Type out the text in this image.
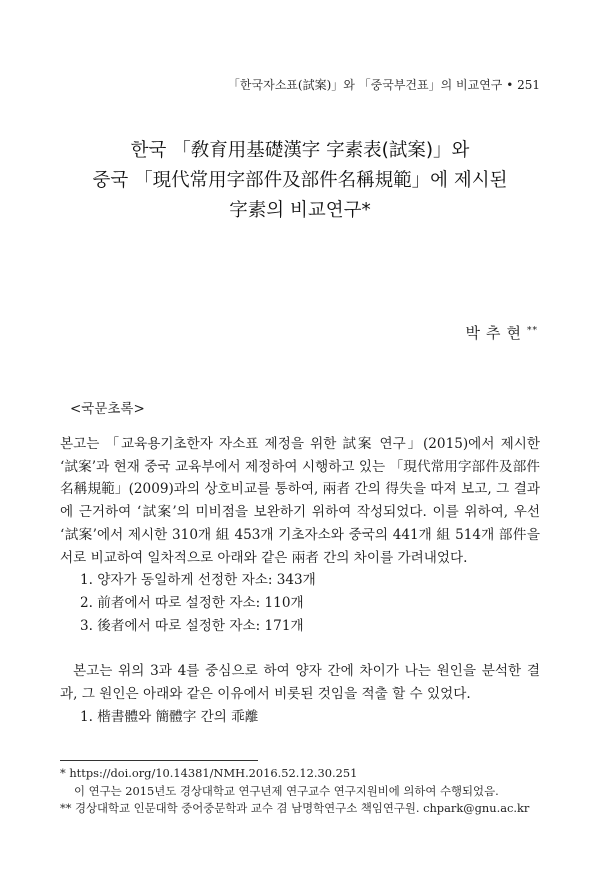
「한국자소표(試案)」와 「중국부건표」의 비교연구 • 251
한국 「敎育用基礎漢字 字素表(試案)」와
중국 「現代常用字部件及部件名稱規範」에 제시된
字素의 비교연구*
박추현**
<국문초록>

본고는 「교육용기초한자 자소표 제정을 위한 試案 연구」(2015)에서 제시한 ‘試案’과 현재 중국 교육부에서 제정하여 시행하고 있는 「現代常用字部件及部件名稱規範」(2009)과의 상호비교를 통하여, 兩者 간의 得失을 따져 보고, 그 결과에 근거하여 ‘試案’의 미비점을 보완하기 위하여 작성되었다. 이를 위하여, 우선 ‘試案’에서 제시한 310개 組 453개 기초자소와 중국의 441개 組 514개 部件을 서로 비교하여 일차적으로 아래와 같은 兩者 간의 차이를 가려내었다.

1. 양자가 동일하게 선정한 자소: 343개
2. 前者에서 따로 설정한 자소: 110개
3. 後者에서 따로 설정한 자소: 171개

본고는 위의 3과 4를 중심으로 하여 양자 간에 차이가 나는 원인을 분석한 결과, 그 원인은 아래와 같은 이유에서 비롯된 것임을 적출 할 수 있었다.

1. 楷書體와 簡體字 간의 乖離
* https://doi.org/10.14381/NMH.2016.52.12.30.251
이 연구는 2015년도 경상대학교 연구년제 연구교수 연구지원비에 의하여 수행되었음.
** 경상대학교 인문대학 중어중문학과 교수 겸 남명학연구소 책임연구원. chpark@gnu.ac.kr
